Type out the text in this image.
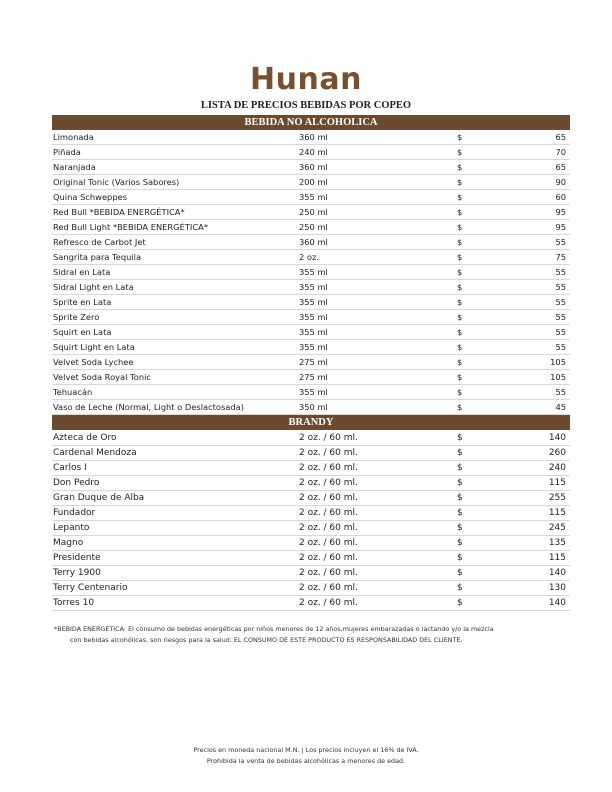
Hunan
LISTA DE PRECIOS BEBIDAS POR COPEO
BEBIDA NO ALCOHOLICA
Limonada	360 ml	$	65
Piñada	240 ml	$	70
Naranjada	360 ml	$	65
Original Tonic (Varios Sabores)	200 ml	$	90
Quina Schweppes	355 ml	$	60
Red Bull *BEBIDA ENERGÉTICA*	250 ml	$	95
Red Bull Light *BEBIDA ENERGÉTICA*	250 ml	$	95
Refresco de Carbot Jet	360 ml	$	55
Sangrita para Tequila	2 oz.	$	75
Sidral en Lata	355 ml	$	55
Sidral Light en Lata	355 ml	$	55
Sprite en Lata	355 ml	$	55
Sprite Zero	355 ml	$	55
Squirt en Lata	355 ml	$	55
Squirt Light en Lata	355 ml	$	55
Velvet Soda Lychee	275 ml	$	105
Velvet Soda Royal Tonic	275 ml	$	105
Tehuacán	355 ml	$	55
Vaso de Leche (Normal, Light o Deslactosada)	350 ml	$	45
BRANDY
Azteca de Oro	2 oz. / 60 ml.	$	140
Cardenal Mendoza	2 oz. / 60 ml.	$	260
Carlos I	2 oz. / 60 ml.	$	240
Don Pedro	2 oz. / 60 ml.	$	115
Gran Duque de Alba	2 oz. / 60 ml.	$	255
Fundador	2 oz. / 60 ml.	$	115
Lepanto	2 oz. / 60 ml.	$	245
Magno	2 oz. / 60 ml.	$	135
Presidente	2 oz. / 60 ml.	$	115
Terry 1900	2 oz. / 60 ml.	$	140
Terry Centenario	2 oz. / 60 ml.	$	130
Torres 10	2 oz. / 60 ml.	$	140
*BEBIDA ENERGÉTICA: El consumo de bebidas energéticas por niños menores de 12 años,mujeres embarazadas o lactando y/o la mezcla
con bebidas alcohólicas, son riesgos para la salud. EL CONSUMO DE ESTE PRODUCTO ES RESPONSABILIDAD DEL CLIENTE.
Precios en moneda nacional M.N. | Los precios incluyen el 16% de IVA.
Prohibida la venta de bebidas alcohólicas a menores de edad.
